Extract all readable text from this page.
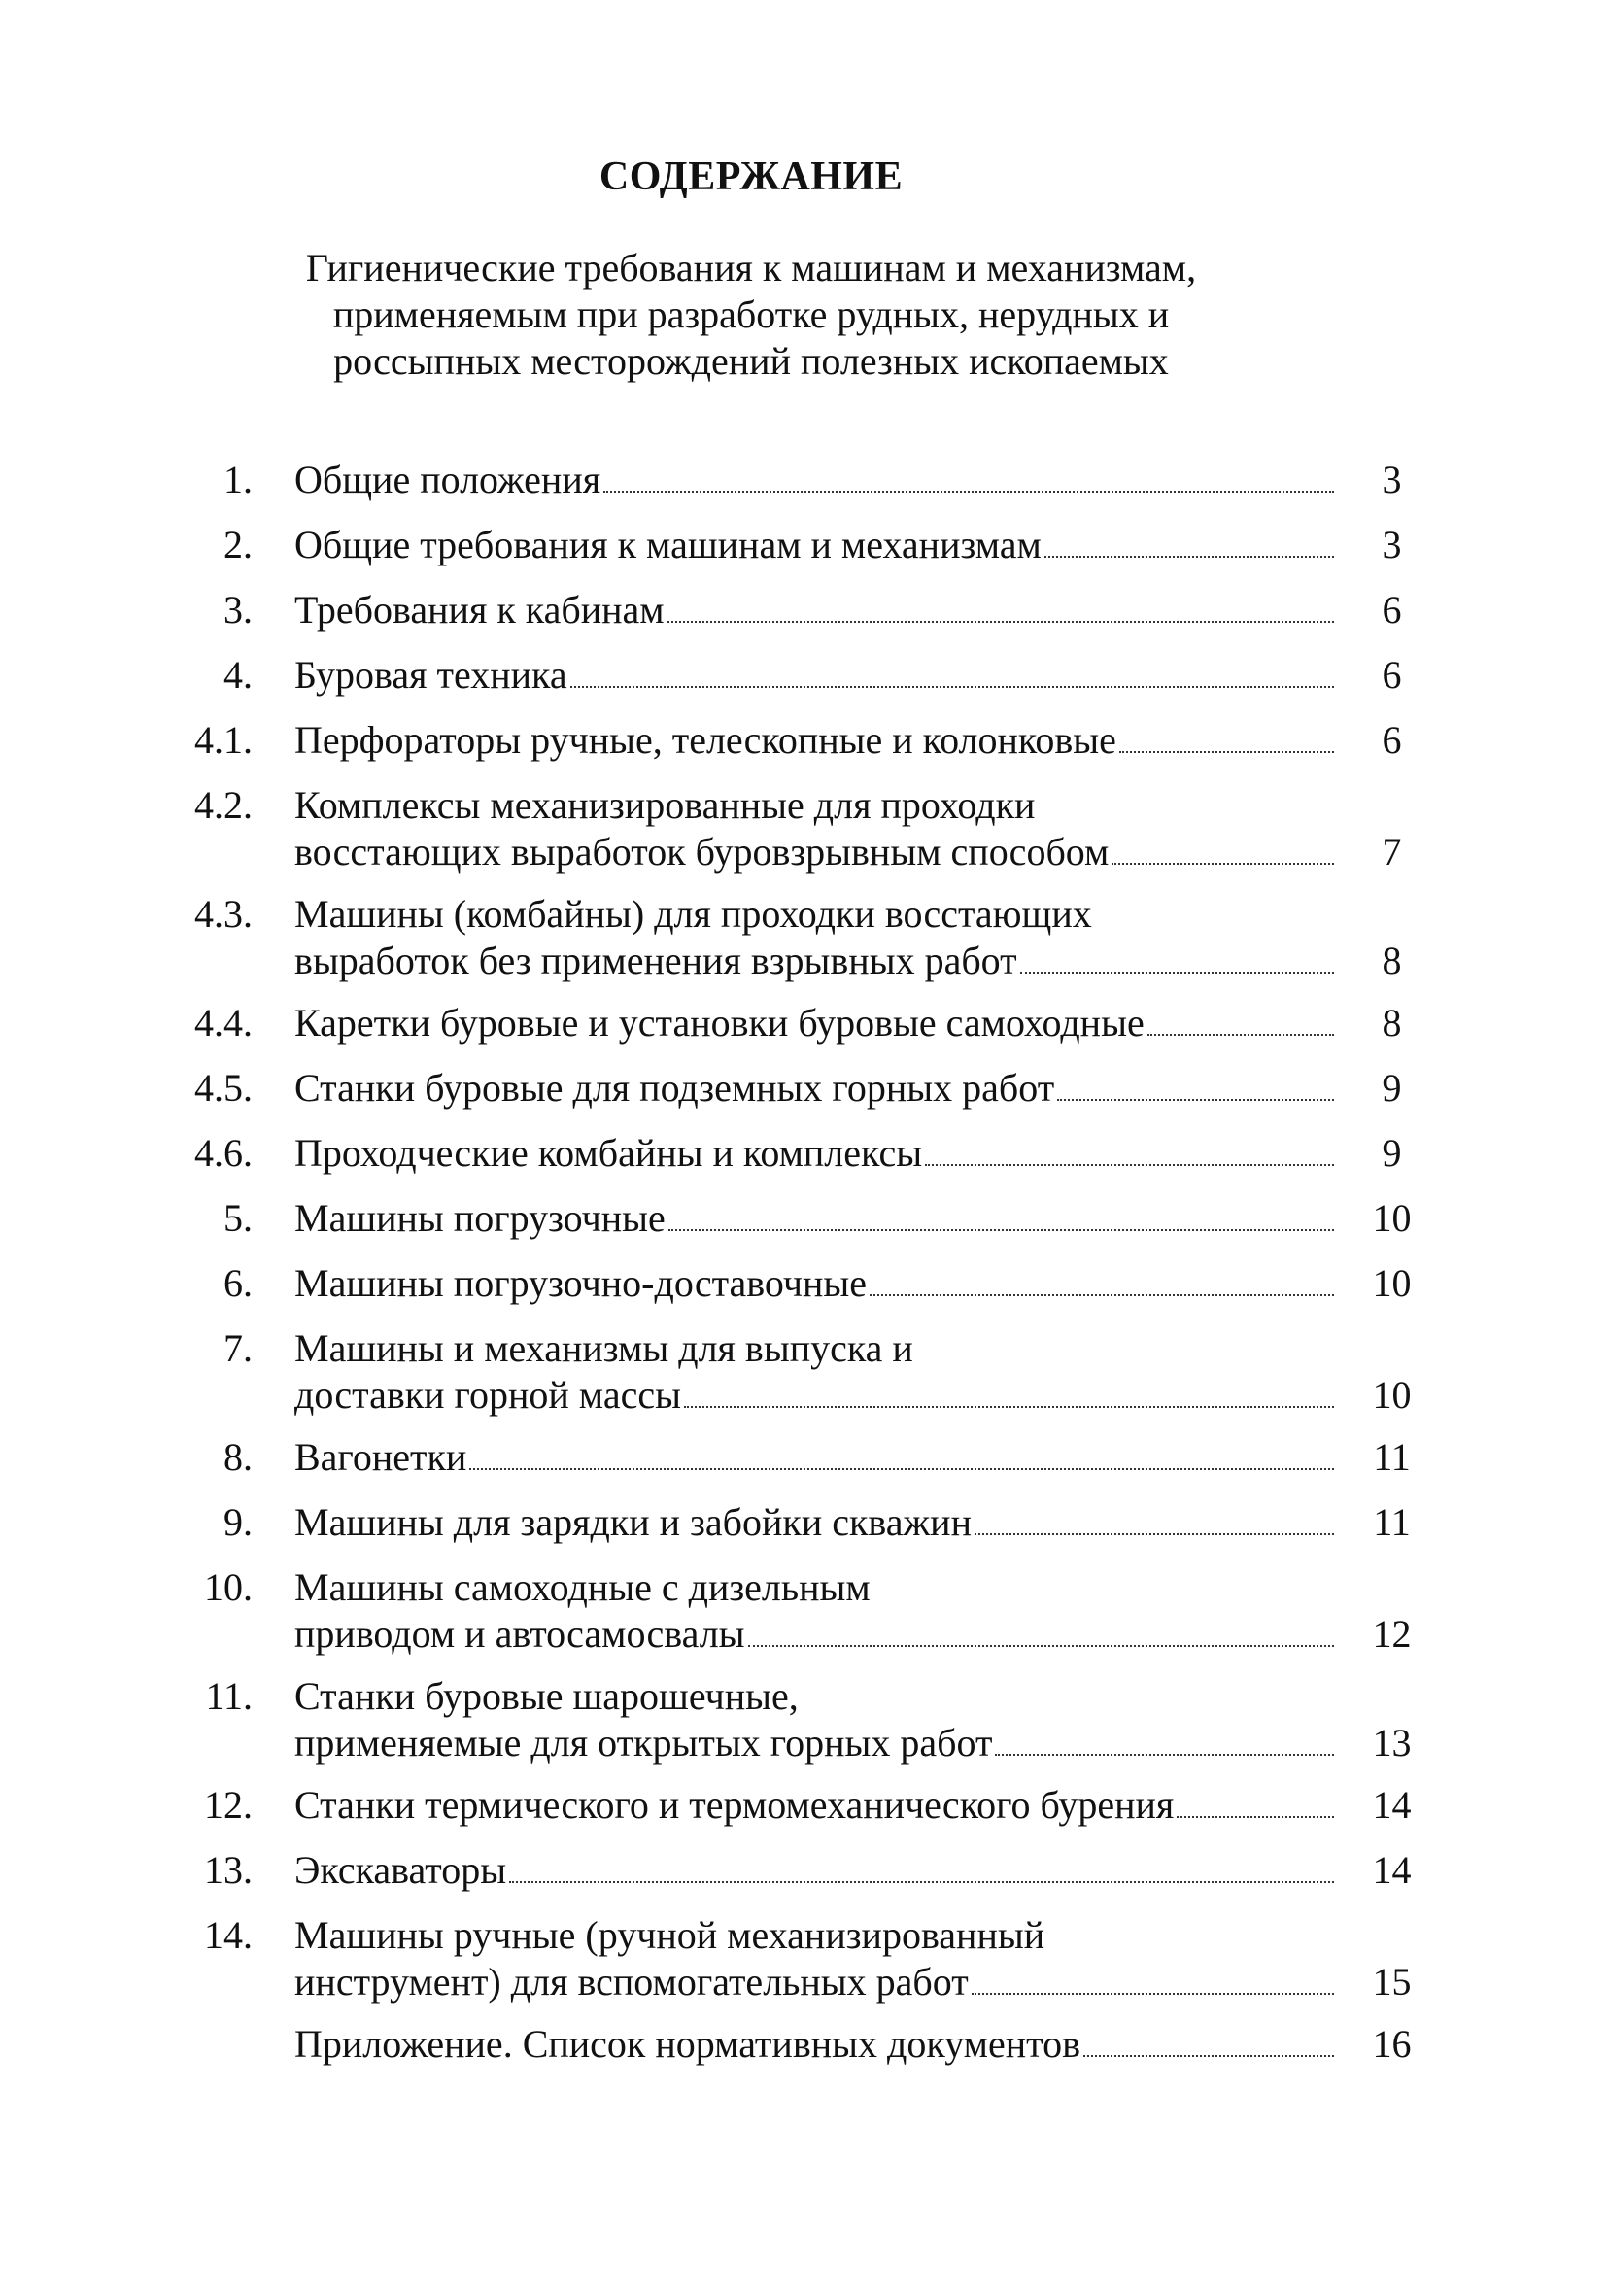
СОДЕРЖАНИЕ
Гигиенические требования к машинам и механизмам,
применяемым при разработке рудных, нерудных и
россыпных месторождений полезных ископаемых
1. Общие положения	3
2. Общие требования к машинам и механизмам	3
3. Требования к кабинам	6
4. Буровая техника	6
4.1. Перфораторы ручные, телескопные и колонковые	6
4.2. Комплексы механизированные для проходки
восстающих выработок буровзрывным способом	7
4.3. Машины (комбайны) для проходки восстающих
выработок без применения взрывных работ	8
4.4. Каретки буровые и установки буровые самоходные	8
4.5. Станки буровые для подземных горных работ	9
4.6. Проходческие комбайны и комплексы	9
5. Машины погрузочные	10
6. Машины погрузочно-доставочные	10
7. Машины и механизмы для выпуска и
доставки горной массы	10
8. Вагонетки	11
9. Машины для зарядки и забойки скважин	11
10. Машины самоходные с дизельным
приводом и автосамосвалы	12
11. Станки буровые шарошечные,
применяемые для открытых горных работ	13
12. Станки термического и термомеханического бурения	14
13. Экскаваторы	14
14. Машины ручные (ручной механизированный
инструмент) для вспомогательных работ	15
Приложение. Список нормативных документов	16
